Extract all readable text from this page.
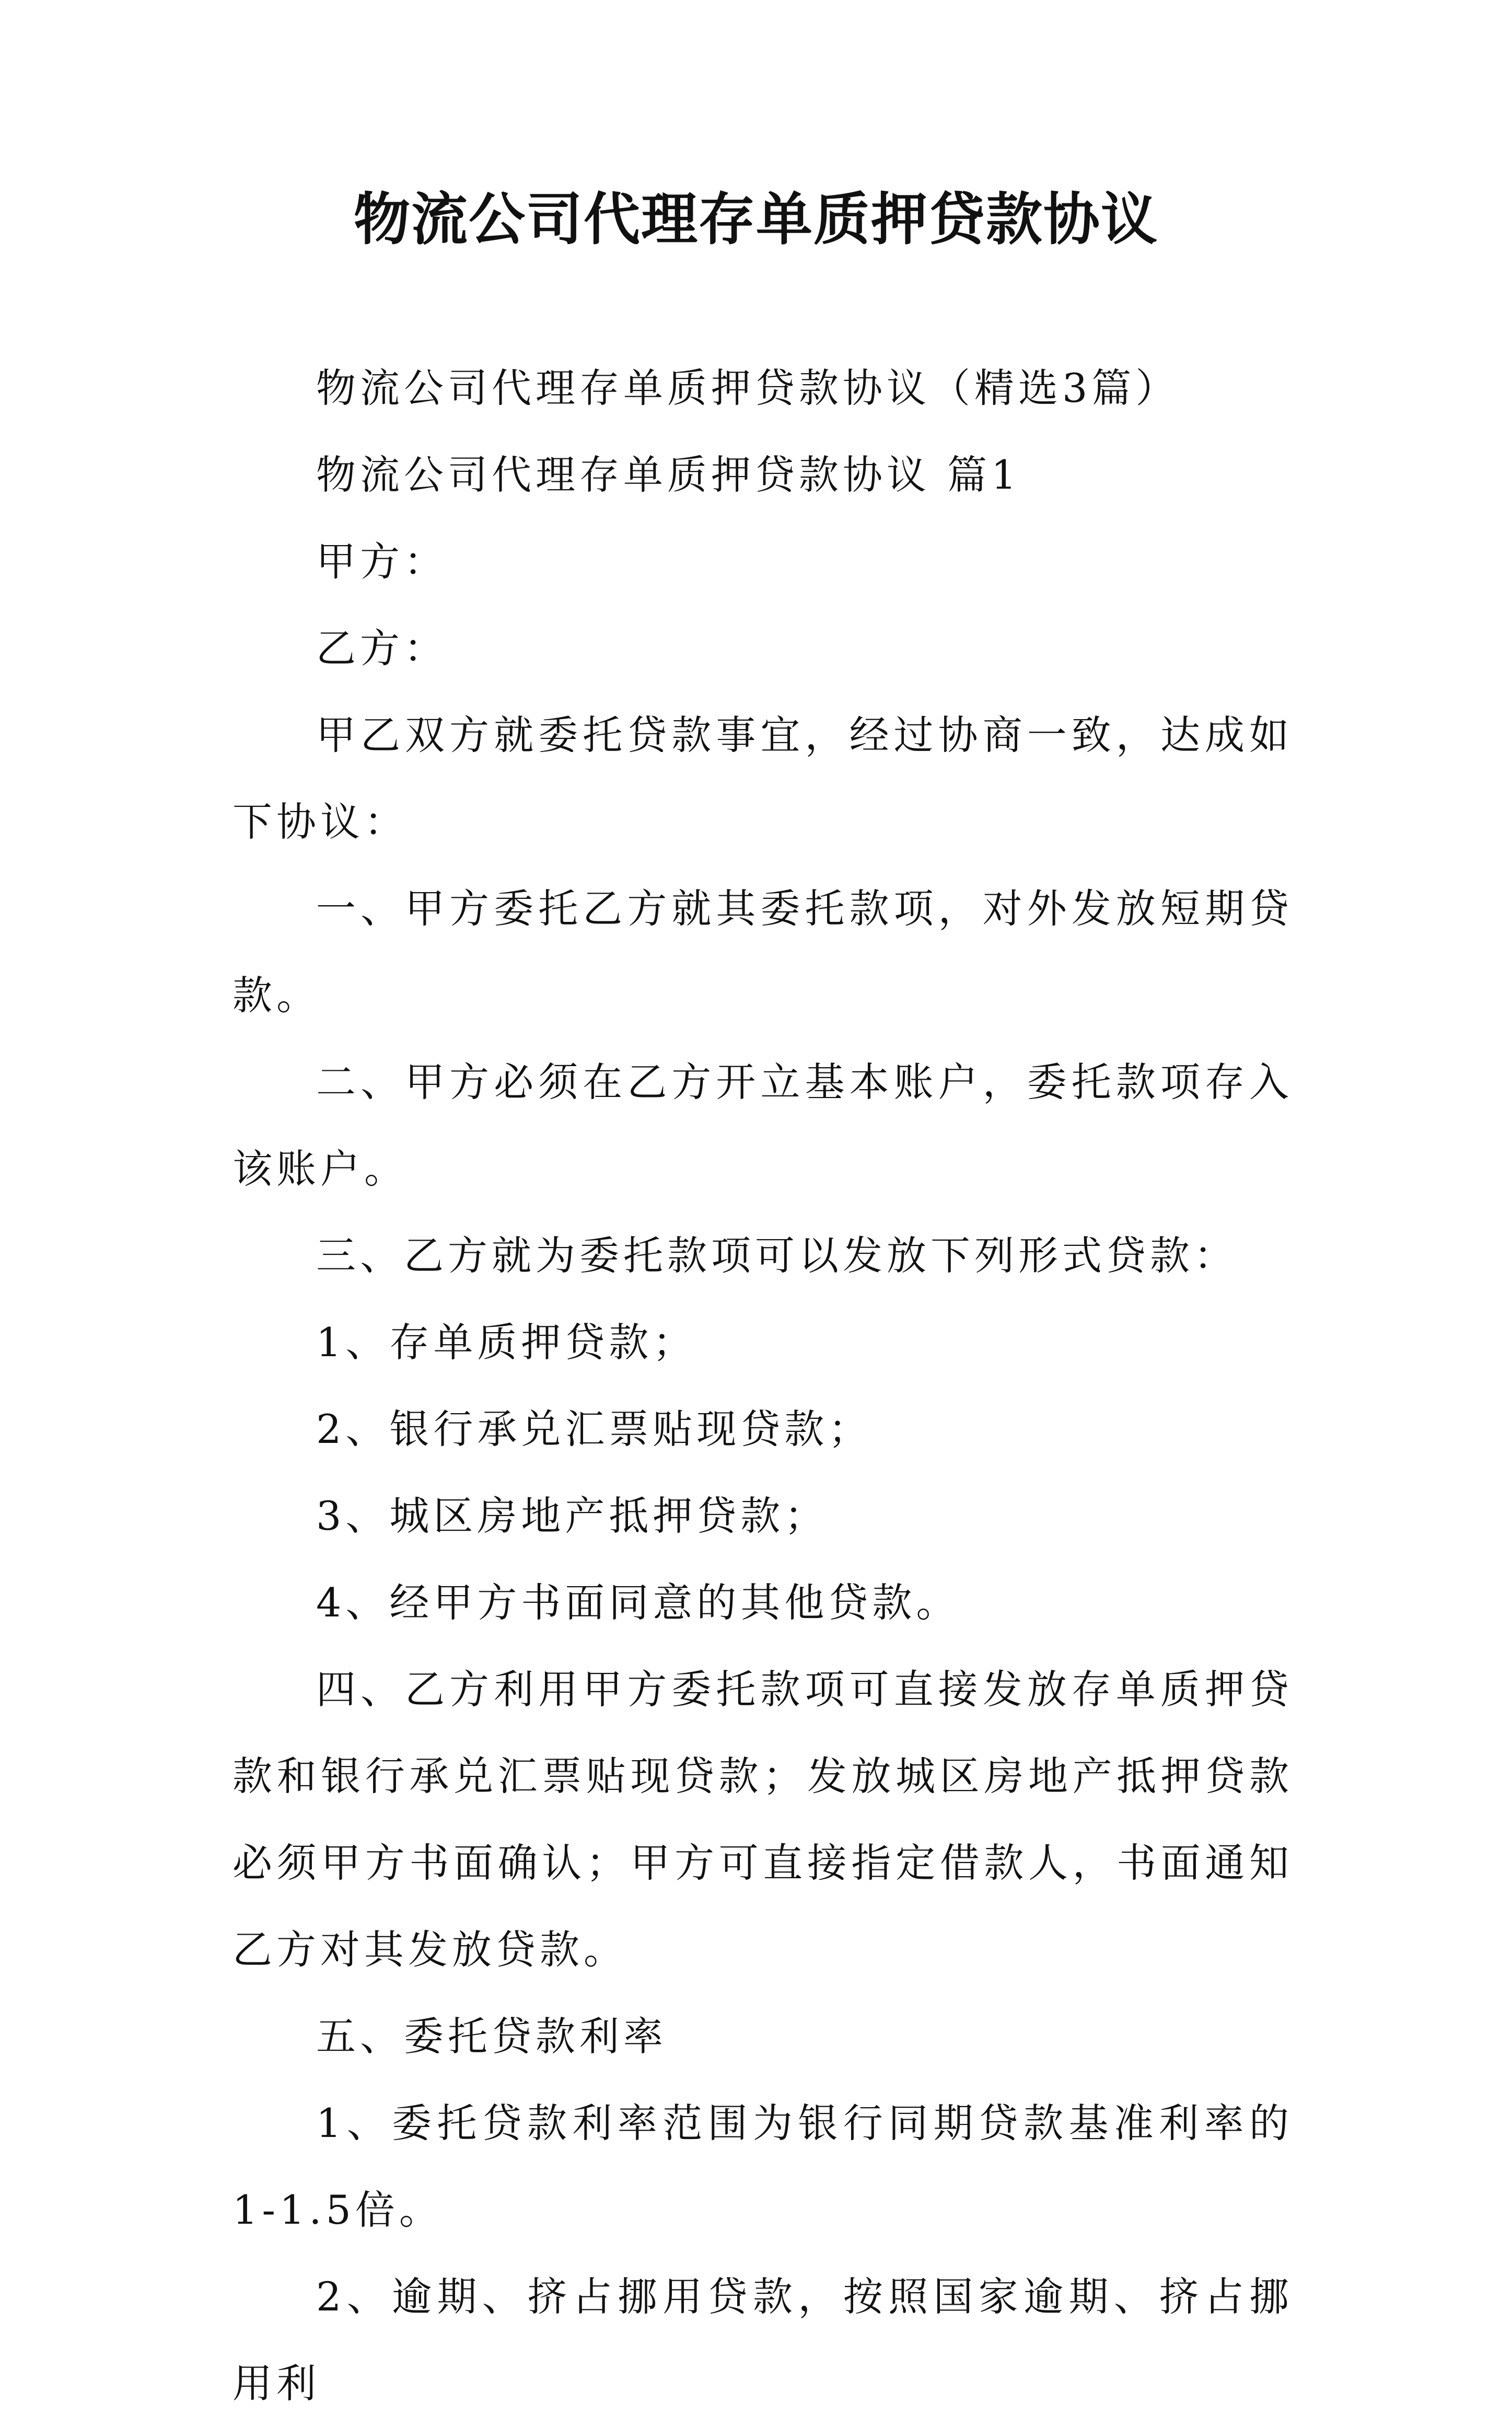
物流公司代理存单质押贷款协议

物流公司代理存单质押贷款协议（精选3篇）

物流公司代理存单质押贷款协议 篇1

甲方：

乙方：

甲乙双方就委托贷款事宜，经过协商一致，达成如下协议：

一、甲方委托乙方就其委托款项，对外发放短期贷款。

二、甲方必须在乙方开立基本账户，委托款项存入该账户。

三、乙方就为委托款项可以发放下列形式贷款：

1、存单质押贷款；

2、银行承兑汇票贴现贷款；

3、城区房地产抵押贷款；

4、经甲方书面同意的其他贷款。

四、乙方利用甲方委托款项可直接发放存单质押贷款和银行承兑汇票贴现贷款；发放城区房地产抵押贷款必须甲方书面确认；甲方可直接指定借款人，书面通知乙方对其发放贷款。

五、委托贷款利率

1、委托贷款利率范围为银行同期贷款基准利率的1-1.5倍。

2、逾期、挤占挪用贷款，按照国家逾期、挤占挪用利
